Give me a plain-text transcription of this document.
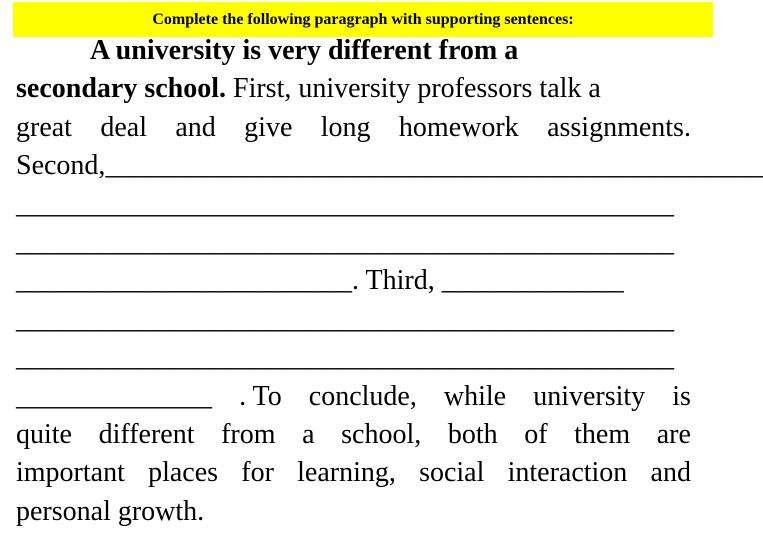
Complete the following paragraph with supporting sentences:
A university is very different from a
secondary school.
First, university professors talk a
great deal and give long homework assignments.
Second, _______________________________________________
_______________________________________________
_______________________________________________
________________________ . Third,
_____________
_______________________________________________
_______________________________________________
______________ . To conclude, while university is
quite different from a school, both of them are
important places for learning, social interaction and
personal growth.
